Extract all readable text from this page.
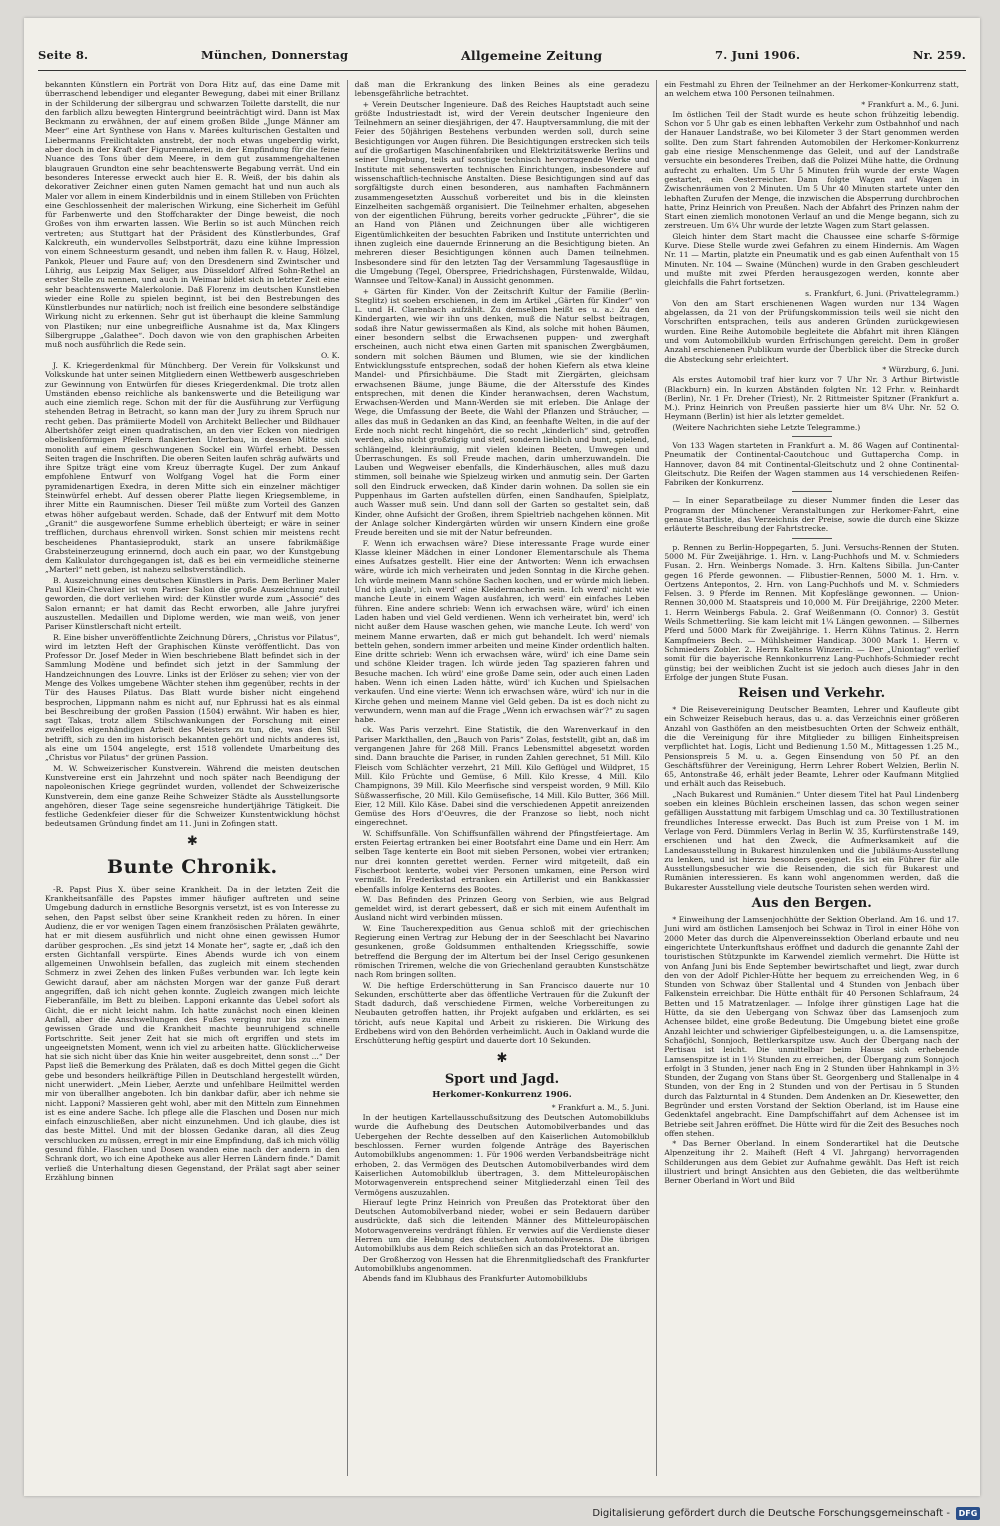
Seite 8.	München, Donnerstag	Allgemeine Zeitung	7. Juni 1906.	Nr. 259.

bekannten Künstlern ein Porträt von Dora Hitz auf, das eine Dame mit überraschend lebendiger und eleganter Bewegung, dabei mit einer Brillanz in der Schilderung der silbergrau und schwarzen Toilette darstellt, die nur den farblich allzu bewegten Hintergrund beeinträchtigt wird. Dann ist Max Beckmann zu erwähnen, der auf einem großen Bilde „Junge Männer am Meer“ eine Art Synthese von Hans v. Marées kulturischen Gestalten und Liebermanns Freilichtakten anstrebt, der noch etwas ungeberdig wirkt, aber doch in der Kraft der Figurenmalerei, in der Empfindung für die feine Nuance des Tons über dem Meere, in dem gut zusammengehaltenen blaugrauen Grundton eine sehr beachtenswerte Begabung verrät. Und ein besonderes Interesse erweckt auch hier E. R. Weiß, der bis dahin als dekorativer Zeichner einen guten Namen gemacht hat und nun auch als Maler vor allem in einem Kinderbildnis und in einem Stilleben von Früchten eine Geschlossenheit der malerischen Wirkung, eine Sicherheit im Gefühl für Farbenwerte und den Stoffcharakter der Dinge beweist, die noch Großes von ihm erwarten lassen. Wie Berlin so ist auch München reich vertreten; aus Stuttgart hat der Präsident des Künstlerbundes, Graf Kalckreuth, ein wundervolles Selbstporträt, dazu eine kühne Impression von einem Schneesturm gesandt, und neben ihm fallen R. v. Haug, Hölzel, Pankok, Pleuer und Faure auf; von den Dresdenern sind Zwintscher und Lührig, aus Leipzig Max Seliger, aus Düsseldorf Alfred Sohn-Rethel an erster Stelle zu nennen, und auch in Weimar bildet sich in letzter Zeit eine sehr beachtenswerte Malerkolonie. Daß Florenz im deutschen Kunstleben wieder eine Rolle zu spielen beginnt, ist bei den Bestrebungen des Künstlerbundes nur natürlich; noch ist freilich eine besondere selbständige Wirkung nicht zu erkennen. Sehr gut ist überhaupt die kleine Sammlung von Plastiken; nur eine unbegreifliche Ausnahme ist da, Max Klingers Silbergruppe „Galathee“. Doch davon wie von den graphischen Arbeiten muß noch ausführlich die Rede sein.

O. K.

J. K. Kriegerdenkmal für Münchberg. Der Verein für Volkskunst und Volkskunde hat unter seinen Mitgliedern einen Wettbewerb ausgeschrieben zur Gewinnung von Entwürfen für dieses Kriegerdenkmal. Die trotz allen Umständen ebenso reichliche als bankenswerte und die Beteiligung war auch eine ziemlich rege. Schon mit der für die Ausführung zur Verfügung stehenden Betrag in Betracht, so kann man der Jury zu ihrem Spruch nur recht geben. Das prämiierte Modell von Architekt Bellecher und Bildhauer Albertshöfer zeigt einen quadratischen, an den vier Ecken von niedrigen obeliskenförmigen Pfeilern flankierten Unterbau, in dessen Mitte sich monolith auf einem geschwungenen Sockel ein Würfel erhebt. Dessen Seiten tragen die Inschriften. Die oberen Seiten laufen schräg aufwärts und ihre Spitze trägt eine vom Kreuz überragte Kugel. Der zum Ankauf empfohlene Entwurf von Wolfgang Vogel hat die Form einer pyramidenartigen Exedra, in deren Mitte sich ein einzelner mächtiger Steinwürfel erhebt. Auf dessen oberer Platte liegen Kriegsembleme, in ihrer Mitte ein Raumnischen. Dieser Teil müßte zum Vorteil des Ganzen etwas höher aufgebaut werden. Schade, daß der Entwurf mit dem Motto „Granit“ die ausgeworfene Summe erheblich überteigt; er wäre in seiner trefflichen, durchaus ehrenvoll wirken. Sonst schien mir meistens recht bescheidenes Phantasieprodukt, stark an unsere fabrikmäßige Grabsteinerzeugung erinnernd, doch auch ein paar, wo der Kunstgebung dem Kalkulator durchgegangen ist, daß es bei ein vermeidliche steinerne „Marterl“ nett geben, ist nahezu selbstverständlich.

B. Auszeichnung eines deutschen Künstlers in Paris. Dem Berliner Maler Paul Klein-Chevalier ist vom Pariser Salon die große Auszeichnung zuteil geworden, die dort verliehen wird: der Künstler wurde zum „Associé“ des Salon ernannt; er hat damit das Recht erworben, alle Jahre juryfrei auszustellen. Medaillen und Diplome werden, wie man weiß, von jener Pariser Künstlerschaft nicht erteilt.

R. Eine bisher unveröffentlichte Zeichnung Dürers, „Christus vor Pilatus“, wird im letzten Heft der Graphischen Künste veröffentlicht. Das von Professor Dr. Josef Meder in Wien beschriebene Blatt befindet sich in der Sammlung Modène und befindet sich jetzt in der Sammlung der Handzeichnungen des Louvre. Links ist der Erlöser zu sehen; vier von der Menge des Volkes umgebene Wächter stehen ihm gegenüber, rechts in der Tür des Hauses Pilatus. Das Blatt wurde bisher nicht eingehend besprochen, Lippmann nahm es nicht auf, nur Ephrussi hat es als einmal bei Beschreibung der großen Passion (1504) erwähnt. Wir haben es hier, sagt Takas, trotz allem Stilschwankungen der Forschung mit einer zweifellos eigenhändigen Arbeit des Meisters zu tun, die, was den Stil betrifft, sich zu den im historisch bekannten gehört und nichts anderes ist, als eine um 1504 angelegte, erst 1518 vollendete Umarbeitung des „Christus vor Pilatus“ der grünen Passion.

M. W. Schweizerischer Kunstverein. Während die meisten deutschen Kunstvereine erst ein Jahrzehnt und noch später nach Beendigung der napoleonischen Kriege gegründet wurden, vollendet der Schweizerische Kunstverein, dem eine ganze Reihe Schweizer Städte als Ausstellungsorte angehören, dieser Tage seine segensreiche hundertjährige Tätigkeit. Die festliche Gedenkfeier dieser für die Schweizer Kunstentwicklung höchst bedeutsamen Gründung findet am 11. Juni in Zofingen statt.

✱
Bunte Chronik.

-R. Papst Pius X. über seine Krankheit. Da in der letzten Zeit die Krankheitsanfälle des Papstes immer häufiger auftreten und seine Umgebung dadurch in ernstliche Besorgnis versetzt, ist es von Interesse zu sehen, den Papst selbst über seine Krankheit reden zu hören. In einer Audienz, die er vor wenigen Tagen einem französischen Prälaten gewährte, hat er mit diesem ausführlich und nicht ohne einen gewissen Humor darüber gesprochen. „Es sind jetzt 14 Monate her“, sagte er, „daß ich den ersten Gichtanfall verspürte. Eines Abends wurde ich von einem allgemeinen Unwohlsein befallen, das zugleich mit einem stechenden Schmerz in zwei Zehen des linken Fußes verbunden war. Ich legte kein Gewicht darauf, aber am nächsten Morgen war der ganze Fuß derart angegriffen, daß ich nicht gehen konnte. Zugleich zwangen mich leichte Fieberanfälle, im Bett zu bleiben. Lapponi erkannte das Uebel sofort als Gicht, die er nicht leicht nahm. Ich hatte zunächst noch einen kleinen Anfall, aber die Anschwellungen des Fußes verging nur bis zu einem gewissen Grade und die Krankheit machte beunruhigend schnelle Fortschritte. Seit jener Zeit hat sie mich oft ergriffen und stets im ungeeignetsten Moment, wenn ich viel zu arbeiten hatte. Glücklicherweise hat sie sich nicht über das Knie hin weiter ausgebreitet, denn sonst ...“ Der Papst ließ die Bemerkung des Prälaten, daß es doch Mittel gegen die Gicht gebe und besonders heilkräftige Pillen in Deutschland hergestellt würden, nicht unerwidert. „Mein Lieber, Aerzte und unfehlbare Heilmittel werden mir von überallher angeboten. Ich bin dankbar dafür, aber ich nehme sie nicht. Lapponi? Massieren geht wohl, aber mit den Mitteln zum Einnehmen ist es eine andere Sache. Ich pflege alle die Flaschen und Dosen nur mich einfach einzuschließen, aber nicht einzunehmen. Und ich glaube, dies ist das beste Mittel. Und mit der blossen Gedanke daran, all dies Zeug verschlucken zu müssen, erregt in mir eine Empfindung, daß ich mich völlig gesund fühle. Flaschen und Dosen wanden eine nach der andern in den Schrank dort, wo ich eine Apotheke aus aller Herren Ländern finde.“ Damit verließ die Unterhaltung diesen Gegenstand, der Prälat sagt aber seiner Erzählung binnen

daß man die Erkrankung des linken Beines als eine geradezu lebensgefährliche betrachtet.

+ Verein Deutscher Ingenieure. Daß des Reiches Hauptstadt auch seine größte Industriestadt ist, wird der Verein deutscher Ingenieure den Teilnehmern an seiner diesjährigen, der 47. Hauptversammlung, die mit der Feier des 50jährigen Bestehens verbunden werden soll, durch seine Besichtigungen vor Augen führen. Die Besichtigungen erstrecken sich teils auf die großartigen Maschinenfabriken und Elektrizitätswerke Berlins und seiner Umgebung, teils auf sonstige technisch hervorragende Werke und Institute mit sehenswerten technischen Einrichtungen, insbesondere auf wissenschaftlich-technische Anstalten. Diese Besichtigungen sind auf das sorgfältigste durch einen besonderen, aus namhaften Fachmännern zusammengesetzten Ausschuß vorbereitet und bis in die kleinsten Einzelheiten sachgemäß organisiert. Die Teilnehmer erhalten, abgesehen von der eigentlichen Führung, bereits vorher gedruckte „Führer“, die sie an Hand von Plänen und Zeichnungen über alle wichtigeren Eigentümlichkeiten der besuchten Fabriken und Institute unterrichten und ihnen zugleich eine dauernde Erinnerung an die Besichtigung bieten. An mehreren dieser Besichtigungen können auch Damen teilnehmen. Insbesondere sind für den letzten Tag der Versammlung Tagesausflüge in die Umgebung (Tegel, Oberspree, Friedrichshagen, Fürstenwalde, Wildau, Wannsee und Teltow-Kanal) in Aussicht genommen.

+ Gärten für Kinder. Von der Zeitschrift Kultur der Familie (Berlin-Steglitz) ist soeben erschienen, in dem im Artikel „Gärten für Kinder“ von L. und H. Clarenbach aufzählt. Zu demselben heißt es u. a.: Zu den Kindergarten, wie wir ihn uns denken, muß die Natur selbst beitragen, sodaß ihre Natur gewissermaßen als Kind, als solche mit hohen Bäumen, einer besondern selbst die Erwachsenen puppen- und zwerghaft erscheinen, auch nicht etwa einen Garten mit spanischen Zwergbäumen, sondern mit solchen Bäumen und Blumen, wie sie der kindlichen Entwicklungsstufe entsprechen, sodaß der hohen Kiefern als etwa kleine Mandel- und Pfirsichbäume. Die Stadt mit Ziergärten, gleichsam erwachsenen Bäume, junge Bäume, die der Altersstufe des Kindes entsprechen, mit denen die Kinder heranwachsen, deren Wachstum, Erwachsen-Werden und Mann-Werden sie mit erleben. Die Anlage der Wege, die Umfassung der Beete, die Wahl der Pflanzen und Sträucher, — alles das muß in Gedanken an das Kind, an feenhafte Welten, in die auf der Erde noch nicht recht hingehört, die so recht „kinderlich“ sind, getroffen werden, also nicht großzügig und steif, sondern lieblich und bunt, spielend, schlängelnd, kleinräumig, mit vielen kleinen Beeten, Umwegen und Überraschungen. Es soll Freude machen, darin umherzuwandeln. Die Lauben und Wegweiser ebenfalls, die Kinderhäuschen, alles muß dazu stimmen, soll beinahe wie Spielzeug wirken und anmutig sein. Der Garten soll den Eindruck erwecken, daß Kinder darin wohnen. Da sollen sie ein Puppenhaus im Garten aufstellen dürfen, einen Sandhaufen, Spielplatz, auch Wasser muß sein. Und dann soll der Garten so gestaltet sein, daß Kinder, ohne Aufsicht der Großen, ihrem Spieltrieb nachgehen können. Mit der Anlage solcher Kindergärten würden wir unsern Kindern eine große Freude bereiten und sie mit der Natur befreunden.

F. Wenn ich erwachsen wäre? Diese interessante Frage wurde einer Klasse kleiner Mädchen in einer Londoner Elementarschule als Thema eines Aufsatzes gestellt. Hier eine der Antworten: Wenn ich erwachsen wäre, würde ich mich verheiraten und jeden Sonntag in die Kirche gehen. Ich würde meinem Mann schöne Sachen kochen, und er würde mich lieben. Und ich glaub', ich werd' eine Kleidermacherin sein. Ich werd' nicht wie manche Leute in einem Wagen ausfahren, ich werd' ein einfaches Leben führen. Eine andere schrieb: Wenn ich erwachsen wäre, würd' ich einen Laden haben und viel Geld verdienen. Wenn ich verheiratet bin, werd' ich nicht außer dem Hause waschen gehen, wie manche Leute. Ich werd' von meinem Manne erwarten, daß er mich gut behandelt. Ich werd' niemals betteln gehen, sondern immer arbeiten und meine Kinder ordentlich halten. Eine dritte schrieb: Wenn ich erwachsen wäre, würd' ich eine Dame sein und schöne Kleider tragen. Ich würde jeden Tag spazieren fahren und Besuche machen. Ich würd' eine große Dame sein, oder auch einen Laden haben. Wenn ich einen Laden hätte, würd' ich Kuchen und Spielsachen verkaufen. Und eine vierte: Wenn ich erwachsen wäre, würd' ich nur in die Kirche gehen und meinem Manne viel Geld geben. Da ist es doch nicht zu verwundern, wenn man auf die Frage „Wenn ich erwachsen wär'?“ zu sagen habe.

ck. Was Paris verzehrt. Eine Statistik, die den Warenverkauf in den Pariser Markthallen, den „Bauch von Paris“ Zolas, feststellt, gibt an, daß im vergangenen Jahre für 268 Mill. Francs Lebensmittel abgesetzt worden sind. Dann brauchte die Pariser, in runden Zahlen gerechnet, 51 Mill. Kilo Fleisch vom Schlächter verzehrt, 21 Mill. Kilo Geflügel und Wildpret, 15 Mill. Kilo Früchte und Gemüse, 6 Mill. Kilo Kresse, 4 Mill. Kilo Champignons, 39 Mill. Kilo Meerfische sind verspeist worden, 9 Mill. Kilo Süßwasserfische, 20 Mill. Kilo Gemüsefische, 14 Mill. Kilo Butter, 366 Mill. Eier, 12 Mill. Kilo Käse. Dabei sind die verschiedenen Appetit anreizenden Gemüse des Hors d'Oeuvres, die der Franzose so liebt, noch nicht eingerechnet.

W. Schiffsunfälle. Von Schiffsunfällen während der Pfingstfeiertage. Am ersten Feiertag ertranken bei einer Bootsfahrt eine Dame und ein Herr. Am selben Tage kenterte ein Boot mit sieben Personen, wobei vier ertranken; nur drei konnten gerettet werden. Ferner wird mitgeteilt, daß ein Fischerboot kenterte, wobei vier Personen umkamen, eine Person wird vermißt. In Frederikstad ertranken ein Artillerist und ein Bankkassier ebenfalls infolge Kenterns des Bootes.

W. Das Befinden des Prinzen Georg von Serbien, wie aus Belgrad gemeldet wird, ist derart gebessert, daß er sich mit einem Aufenthalt im Ausland nicht wird verbinden müssen.

W. Eine Taucherexpedition aus Genua schloß mit der griechischen Regierung einen Vertrag zur Hebung der in der Seeschlacht bei Navarino gesunkenen, große Goldsummen enthaltenden Kriegsschiffe, sowie betreffend die Bergung der im Altertum bei der Insel Cerigo gesunkenen römischen Triremen, welche die von Griechenland geraubten Kunstschätze nach Rom bringen sollten.

W. Die heftige Erderschütterung in San Francisco dauerte nur 10 Sekunden, erschütterte aber das öffentliche Vertrauen für die Zukunft der Stadt dadurch, daß verschiedene Firmen, welche Vorbereitungen zu Neubauten getroffen hatten, ihr Projekt aufgaben und erklärten, es sei töricht, aufs neue Kapital und Arbeit zu riskieren. Die Wirkung des Erdbebens wird von den Behörden verheimlicht. Auch in Oakland wurde die Erschütterung heftig gespürt und dauerte dort 10 Sekunden.

✱
Sport und Jagd.
Herkomer-Konkurrenz 1906.

* Frankfurt a. M., 5. Juni.

In der heutigen Kartellausschußsitzung des Deutschen Automobilklubs wurde die Aufhebung des Deutschen Automobilverbandes und das Uebergehen der Rechte desselben auf den Kaiserlichen Automobilklub beschlossen. Ferner wurden folgende Anträge des Bayerischen Automobilklubs angenommen: 1. Für 1906 werden Verbandsbeiträge nicht erhoben, 2. das Vermögen des Deutschen Automobilverbandes wird dem Kaiserlichen Automobilklub übertragen, 3. dem Mitteleuropäischen Motorwagenverein entsprechend seiner Mitgliederzahl einen Teil des Vermögens auszuzahlen.

Hierauf legte Prinz Heinrich von Preußen das Protektorat über den Deutschen Automobilverband nieder, wobei er sein Bedauern darüber ausdrückte, daß sich die leitenden Männer des Mitteleuropäischen Motorwagenvereins verdrängt fühlen. Er verwies auf die Verdienste dieser Herren um die Hebung des deutschen Automobilwesens. Die übrigen Automobilklubs aus dem Reich schließen sich an das Protektorat an.

Der Großherzog von Hessen hat die Ehrenmitgliedschaft des Frankfurter Automobilklubs angenommen.

Abends fand im Klubhaus des Frankfurter Automobilklubs

ein Festmahl zu Ehren der Teilnehmer an der Herkomer-Konkurrenz statt, an welchem etwa 100 Personen teilnahmen.

* Frankfurt a. M., 6. Juni.

Im östlichen Teil der Stadt wurde es heute schon frühzeitig lebendig. Schon vor 5 Uhr gab es einen lebhaften Verkehr zum Ostbahnhof und nach der Hanauer Landstraße, wo bei Kilometer 3 der Start genommen werden sollte. Den zum Start fahrenden Automobilen der Herkomer-Konkurrenz gab eine riesige Menschenmenge das Geleit, und auf der Landstraße versuchte ein besonderes Treiben, daß die Polizei Mühe hatte, die Ordnung aufrecht zu erhalten. Um 5 Uhr 5 Minuten früh wurde der erste Wagen gestartet, ein Oesterreicher. Dann folgte Wagen auf Wagen in Zwischenräumen von 2 Minuten. Um 5 Uhr 40 Minuten startete unter den lebhaften Zurufen der Menge, die inzwischen die Absperrung durchbrochen hatte, Prinz Heinrich von Preußen. Nach der Abfahrt des Prinzen nahm der Start einen ziemlich monotonen Verlauf an und die Menge begann, sich zu zerstreuen. Um 6¼ Uhr wurde der letzte Wagen zum Start gelassen.

Gleich hinter dem Start macht die Chaussee eine scharfe S-förmige Kurve. Diese Stelle wurde zwei Gefahren zu einem Hindernis. Am Wagen Nr. 11 — Martin, platzte ein Pneumatik und es gab einen Aufenthalt von 15 Minuten. Nr. 104 — Swaine (München) wurde in den Graben geschleudert und mußte mit zwei Pferden herausgezogen werden, konnte aber gleichfalls die Fahrt fortsetzen.

s. Frankfurt, 6. Juni. (Privattelegramm.)

Von den am Start erschienenen Wagen wurden nur 134 Wagen abgelassen, da 21 von der Prüfungskommission teils weil sie nicht den Vorschriften entsprachen, teils aus anderen Gründen zurückgewiesen wurden. Eine Reihe Automobile begleitete die Abfahrt mit ihren Klängen und vom Automobilklub wurden Erfrischungen gereicht. Dem in großer Anzahl erschienenen Publikum wurde der Überblick über die Strecke durch die Absteckung sehr erleichtert.

* Würzburg, 6. Juni.

Als erstes Automobil traf hier kurz vor 7 Uhr Nr. 3 Arthur Birtwistle (Blackburn) ein. In kurzen Abständen folgten Nr. 12 Frhr. v. Reinhardt (Berlin), Nr. 1 Fr. Dreher (Triest), Nr. 2 Rittmeister Spitzner (Frankfurt a. M.). Prinz Heinrich von Preußen passierte hier um 8¼ Uhr. Nr. 52 O. Heymann (Berlin) ist hier als letzter gemeldet.

(Weitere Nachrichten siehe Letzte Telegramme.)

Von 133 Wagen starteten in Frankfurt a. M. 86 Wagen auf Continental-Pneumatik der Continental-Caoutchouc und Guttapercha Comp. in Hannover, davon 84 mit Continental-Gleitschutz und 2 ohne Continental-Gleitschutz. Die Reifen der Wagen stammen aus 14 verschiedenen Reifen-Fabriken der Konkurrenz.

— In einer Separatbeilage zu dieser Nummer finden die Leser das Programm der Münchener Veranstaltungen zur Herkomer-Fahrt, eine genaue Startliste, das Verzeichnis der Preise, sowie die durch eine Skizze erläuterte Beschreibung der Fahrtstrecke.

p. Rennen zu Berlin-Hoppegarten, 5. Juni. Versuchs-Rennen der Stuten. 5000 M. Für Zweijährige. 1. Hrn. v. Lang-Puchhofs und M. v. Schmieders Fusan. 2. Hrn. Weinbergs Nomade. 3. Hrn. Kaltens Sibilla. Jun-Canter gegen 16 Pferde gewonnen. — Flibustier-Rennen, 5000 M. 1. Hrn. v. Oertzens Antepontos, 2. Hrn. von Lang-Puchhofs und M. v. Schmieders Felsen. 3. 9 Pferde im Rennen. Mit Kopfeslänge gewonnen. — Union-Rennen 30,000 M. Staatspreis und 10,000 M. Für Dreijährige, 2200 Meter. 1. Herrn Weinbergs Fabula. 2. Graf Weißenmann (O. Connor) 3. Gestüt Weils Schmetterling. Sie kam leicht mit 1¼ Längen gewonnen. — Silbernes Pferd und 5000 Mark für Zweijährige. 1. Herrn Kühns Tatinus. 2. Herrn Kampfmeiers Bech. — Mühlsheimer Handicap. 3000 Mark 1. Herrn v. Schmieders Zobler. 2. Herrn Kaltens Winzerin. — Der „Uniontag“ verlief somit für die bayerische Rennkonkurrenz Lang-Puchhofs-Schmieder recht günstig; bei der weiblichen Zucht ist sie jedoch auch dieses Jahr in den Erfolge der jungen Stute Fusan.

Reisen und Verkehr.

* Die Reisevereinigung Deutscher Beamten, Lehrer und Kaufleute gibt ein Schweizer Reisebuch heraus, das u. a. das Verzeichnis einer größeren Anzahl von Gasthöfen an den meistbesuchten Orten der Schweiz enthält, die die Vereinigung für ihre Mitglieder zu billigen Einheitspreisen verpflichtet hat. Logis, Licht und Bedienung 1.50 M., Mittagessen 1.25 M., Pensionspreis 5 M. u. a. Gegen Einsendung von 50 Pf. an den Geschäftsführer der Vereinigung, Herrn Lehrer Robert Welzien, Berlin N. 65, Antonstraße 46, erhält jeder Beamte, Lehrer oder Kaufmann Mitglied und erhält auch das Reisebuch.

„Nach Bukarest und Rumänien.“ Unter diesem Titel hat Paul Lindenberg soeben ein kleines Büchlein erscheinen lassen, das schon wegen seiner gefälligen Ausstattung mit farbigem Umschlag und ca. 30 Textillustrationen freundliches Interesse erweckt. Das Buch ist zum Preise von 1 M. im Verlage von Ferd. Dümmlers Verlag in Berlin W. 35, Kurfürstenstraße 149, erschienen und hat den Zweck, die Aufmerksamkeit auf die Landesausstellung in Bukarest hinzulenken und die Jubiläums-Ausstellung zu lenken, und ist hierzu besonders geeignet. Es ist ein Führer für alle Ausstellungsbesucher wie die Reisenden, die sich für Bukarest und Rumänien interessieren. Es kann wohl angenommen werden, daß die Bukarester Ausstellung viele deutsche Touristen sehen werden wird.

Aus den Bergen.

* Einweihung der Lamsenjochhütte der Sektion Oberland. Am 16. und 17. Juni wird am östlichen Lamsenjoch bei Schwaz in Tirol in einer Höhe von 2000 Meter das durch die Alpenvereinssektion Oberland erbaute und neu eingerichtete Unterkunftshaus eröffnet und dadurch die genannte Zahl der touristischen Stützpunkte im Karwendel ziemlich vermehrt. Die Hütte ist von Anfang Juni bis Ende September bewirtschaftet und liegt, zwar durch den von der Adolf Pichler-Hütte her bequem zu erreichenden Weg, in 6 Stunden von Schwaz über Stallental und 4 Stunden von Jenbach über Falkenstein erreichbar. Die Hütte enthält für 40 Personen Schlafraum, 24 Betten und 15 Matratzenlager. — Infolge ihrer günstigen Lage hat die Hütte, da sie den Uebergang von Schwaz über das Lamsenjoch zum Achensee bildet, eine große Bedeutung. Die Umgebung bietet eine große Anzahl leichter und schwieriger Gipfelbesteigungen, u. a. die Lamsenspitze, Schafjöchl, Sonnjoch, Bettlerkarspitze usw. Auch der Übergang nach der Pertisau ist leicht. Die unmittelbar beim Hause sich erhebende Lamsenspitze ist in 1½ Stunden zu erreichen, der Übergang zum Sonnjoch erfolgt in 3 Stunden, jener nach Eng in 2 Stunden über Hahnkampl in 3½ Stunden, der Zugang von Stans über St. Georgenberg und Stallenalpe in 4 Stunden, von der Eng in 2 Stunden und von der Pertisau in 5 Stunden durch das Falzturntal in 4 Stunden. Dem Andenken an Dr. Kiesewetter, den Begründer und ersten Vorstand der Sektion Oberland, ist im Hause eine Gedenktafel angebracht. Eine Dampfschiffahrt auf dem Achensee ist im Betriebe seit Jahren eröffnet. Die Hütte wird für die Zeit des Besuches noch offen stehen.

* Das Berner Oberland. In einem Sonderartikel hat die Deutsche Alpenzeitung ihr 2. Maiheft (Heft 4 VI. Jahrgang) hervorragenden Schilderungen aus dem Gebiet zur Aufnahme gewählt. Das Heft ist reich illustriert und bringt Ansichten aus den Gebieten, die das weltberühmte Berner Oberland in Wort und Bild

Digitalisierung gefördert durch die Deutsche Forschungsgemeinschaft -	DFG
